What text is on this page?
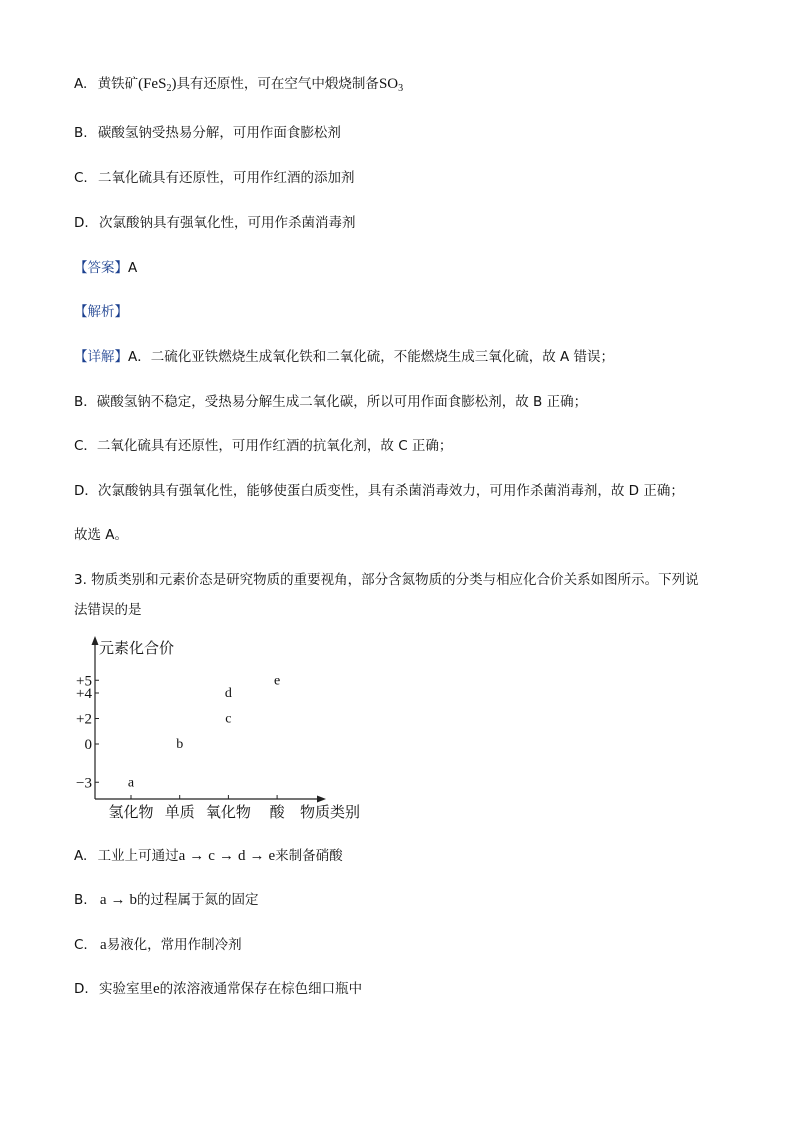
A. 黄铁矿(FeS$_2$)具有还原性，可在空气中煅烧制备$SO_3$
B. 碳酸氢钠受热易分解，可用作面食膨松剂
C. 二氧化硫具有还原性，可用作红酒的添加剂
D. 次氯酸钠具有强氧化性，可用作杀菌消毒剂
【答案】A
【解析】
【详解】A．二硫化亚铁燃烧生成氧化铁和二氧化硫，不能燃烧生成三氧化硫，故 A 错误；
B．碳酸氢钠不稳定，受热易分解生成二氧化碳，所以可用作面食膨松剂，故 B 正确；
C．二氧化硫具有还原性，可用作红酒的抗氧化剂，故 C 正确；
D．次氯酸钠具有强氧化性，能够使蛋白质变性，具有杀菌消毒效力，可用作杀菌消毒剂，故 D 正确；
故选 A。
3. 物质类别和元素价态是研究物质的重要视角，部分含氮物质的分类与相应化合价关系如图所示。下列说
法错误的是
元素化合价
物质类别
+5
+4
+2
0
−3
氢化物 单质 氧化物 酸
a
b
c
d
e
A. 工业上可通过a → c → d → e来制备硝酸
B. a → b的过程属于氮的固定
C. a易液化，常用作制冷剂
D. 实验室里e的浓溶液通常保存在棕色细口瓶中
